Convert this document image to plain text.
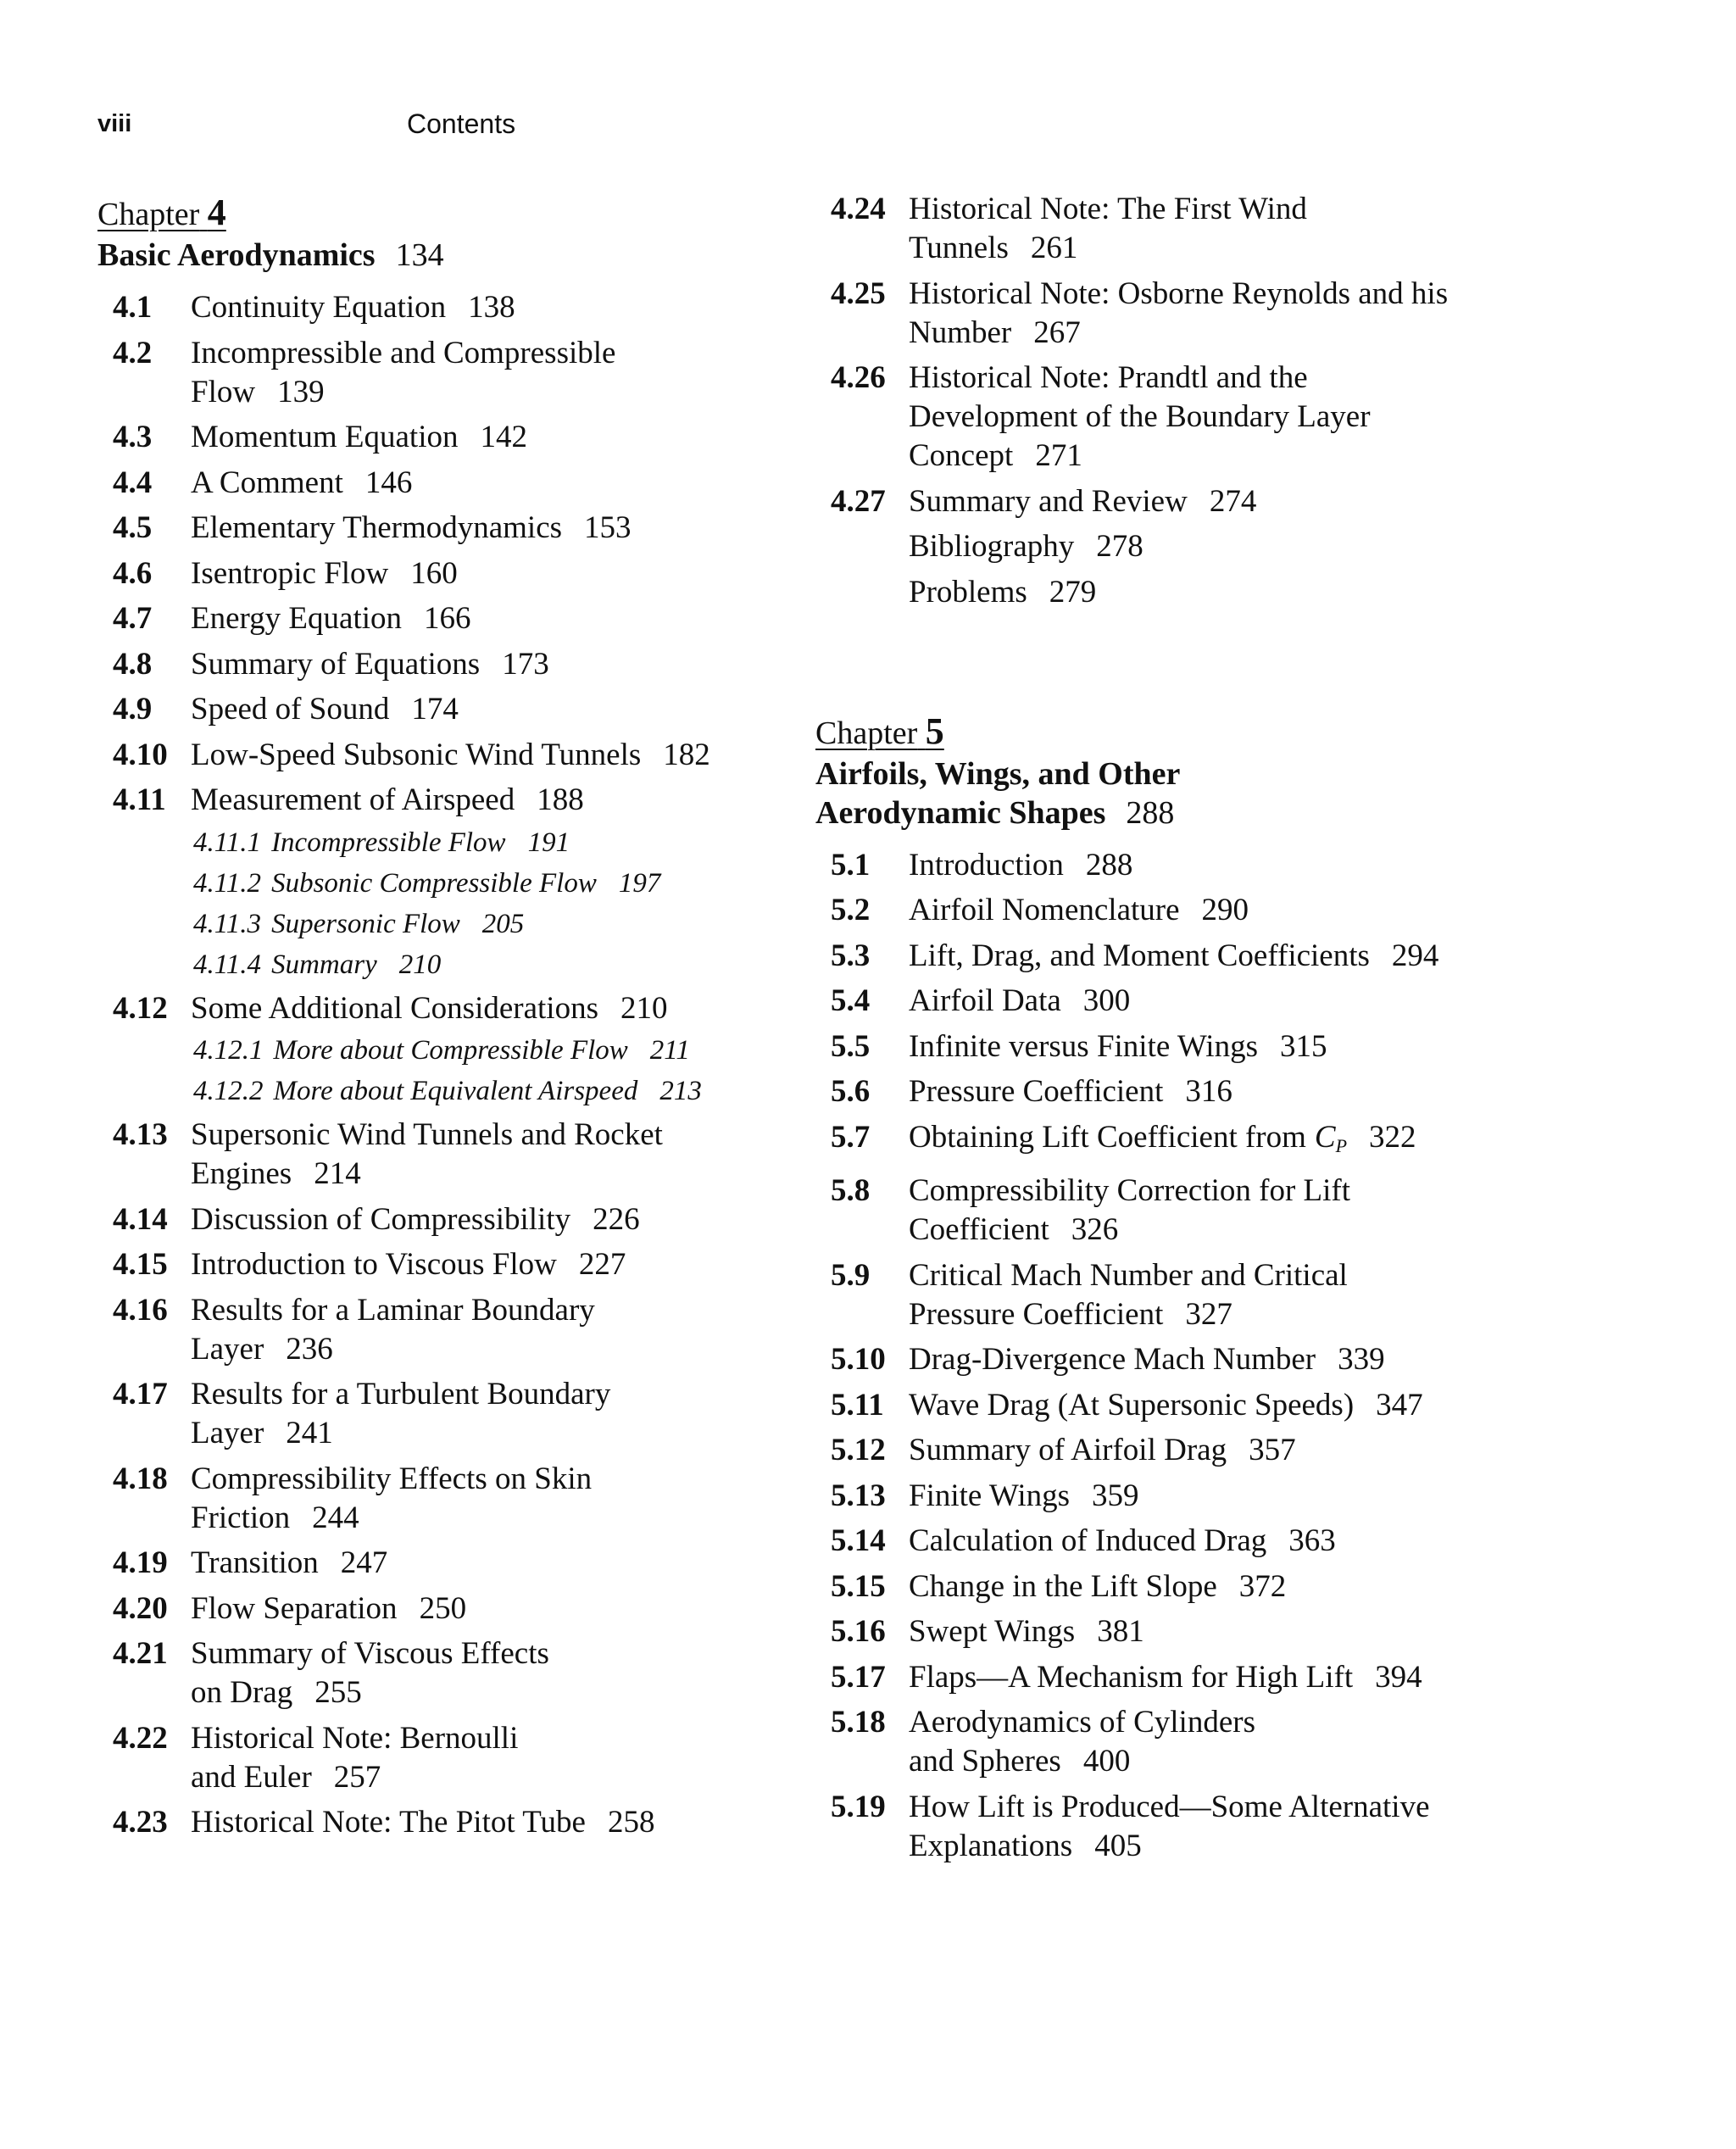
viii	Contents
Chapter 4
Basic Aerodynamics 134
4.1	Continuity Equation 138
4.2	Incompressible and Compressible
Flow 139
4.3	Momentum Equation 142
4.4	A Comment 146
4.5	Elementary Thermodynamics 153
4.6	Isentropic Flow 160
4.7	Energy Equation 166
4.8	Summary of Equations 173
4.9	Speed of Sound 174
4.10 Low-Speed Subsonic Wind Tunnels 182
4.11 Measurement of Airspeed 188
4.11.1 Incompressible Flow 191
4.11.2 Subsonic Compressible Flow 197
4.11.3 Supersonic Flow 205
4.11.4 Summary 210
4.12 Some Additional Considerations 210
4.12.1 More about Compressible Flow 211
4.12.2 More about Equivalent Airspeed 213
4.13 Supersonic Wind Tunnels and Rocket
Engines 214
4.14 Discussion of Compressibility 226
4.15 Introduction to Viscous Flow 227
4.16 Results for a Laminar Boundary
Layer 236
4.17 Results for a Turbulent Boundary
Layer 241
4.18 Compressibility Effects on Skin
Friction 244
4.19 Transition 247
4.20 Flow Separation 250
4.21 Summary of Viscous Effects
on Drag 255
4.22 Historical Note: Bernoulli
and Euler 257
4.23 Historical Note: The Pitot Tube 258
4.24 Historical Note: The First Wind
Tunnels 261
4.25 Historical Note: Osborne Reynolds and his
Number 267
4.26 Historical Note: Prandtl and the
Development of the Boundary Layer
Concept 271
4.27 Summary and Review 274
Bibliography 278
Problems 279
Chapter 5
Airfoils, Wings, and Other
Aerodynamic Shapes 288
5.1	Introduction 288
5.2	Airfoil Nomenclature 290
5.3	Lift, Drag, and Moment Coefficients 294
5.4	Airfoil Data 300
5.5	Infinite versus Finite Wings 315
5.6	Pressure Coefficient 316
5.7	Obtaining Lift Coefficient from $C_P$ 322
5.8	Compressibility Correction for Lift
Coefficient 326
5.9	Critical Mach Number and Critical
Pressure Coefficient 327
5.10 Drag-Divergence Mach Number 339
5.11 Wave Drag (At Supersonic Speeds) 347
5.12 Summary of Airfoil Drag 357
5.13 Finite Wings 359
5.14 Calculation of Induced Drag 363
5.15 Change in the Lift Slope 372
5.16 Swept Wings 381
5.17 Flaps—A Mechanism for High Lift 394
5.18 Aerodynamics of Cylinders
and Spheres 400
5.19 How Lift is Produced—Some Alternative
Explanations 405
